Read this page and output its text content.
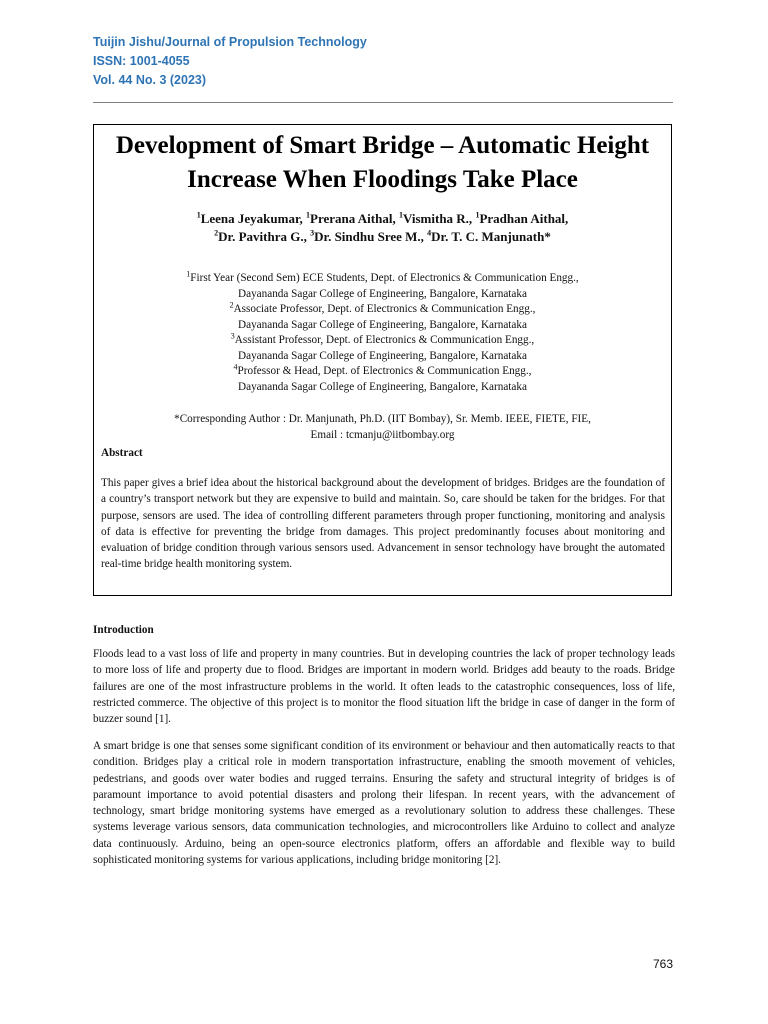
Tuijin Jishu/Journal of Propulsion Technology
ISSN: 1001-4055
Vol. 44 No. 3 (2023)
Development of Smart Bridge – Automatic Height Increase When Floodings Take Place
$^1$Leena Jeyakumar, $^1$Prerana Aithal, $^1$Vismitha R., $^1$Pradhan Aithal,
$^2$Dr. Pavithra G., $^3$Dr. Sindhu Sree M., $^4$Dr. T. C. Manjunath*
$^1$First Year (Second Sem) ECE Students, Dept. of Electronics & Communication Engg.,
Dayananda Sagar College of Engineering, Bangalore, Karnataka
$^2$Associate Professor, Dept. of Electronics & Communication Engg.,
Dayananda Sagar College of Engineering, Bangalore, Karnataka
$^3$Assistant Professor, Dept. of Electronics & Communication Engg.,
Dayananda Sagar College of Engineering, Bangalore, Karnataka
$^4$Professor & Head, Dept. of Electronics & Communication Engg.,
Dayananda Sagar College of Engineering, Bangalore, Karnataka
*Corresponding Author : Dr. Manjunath, Ph.D. (IIT Bombay), Sr. Memb. IEEE, FIETE, FIE,
Email : tcmanju@iitbombay.org
Abstract
This paper gives a brief idea about the historical background about the development of bridges. Bridges are the foundation of a country’s transport network but they are expensive to build and maintain. So, care should be taken for the bridges. For that purpose, sensors are used. The idea of controlling different parameters through proper functioning, monitoring and analysis of data is effective for preventing the bridge from damages. This project predominantly focuses about monitoring and evaluation of bridge condition through various sensors used. Advancement in sensor technology have brought the automated real-time bridge health monitoring system.
Introduction
Floods lead to a vast loss of life and property in many countries. But in developing countries the lack of proper technology leads to more loss of life and property due to flood. Bridges are important in modern world. Bridges add beauty to the roads. Bridge failures are one of the most infrastructure problems in the world. It often leads to the catastrophic consequences, loss of life, restricted commerce. The objective of this project is to monitor the flood situation lift the bridge in case of danger in the form of buzzer sound [1].
A smart bridge is one that senses some significant condition of its environment or behaviour and then automatically reacts to that condition. Bridges play a critical role in modern transportation infrastructure, enabling the smooth movement of vehicles, pedestrians, and goods over water bodies and rugged terrains. Ensuring the safety and structural integrity of bridges is of paramount importance to avoid potential disasters and prolong their lifespan. In recent years, with the advancement of technology, smart bridge monitoring systems have emerged as a revolutionary solution to address these challenges. These systems leverage various sensors, data communication technologies, and microcontrollers like Arduino to collect and analyze data continuously. Arduino, being an open-source electronics platform, offers an affordable and flexible way to build sophisticated monitoring systems for various applications, including bridge monitoring [2].
763
